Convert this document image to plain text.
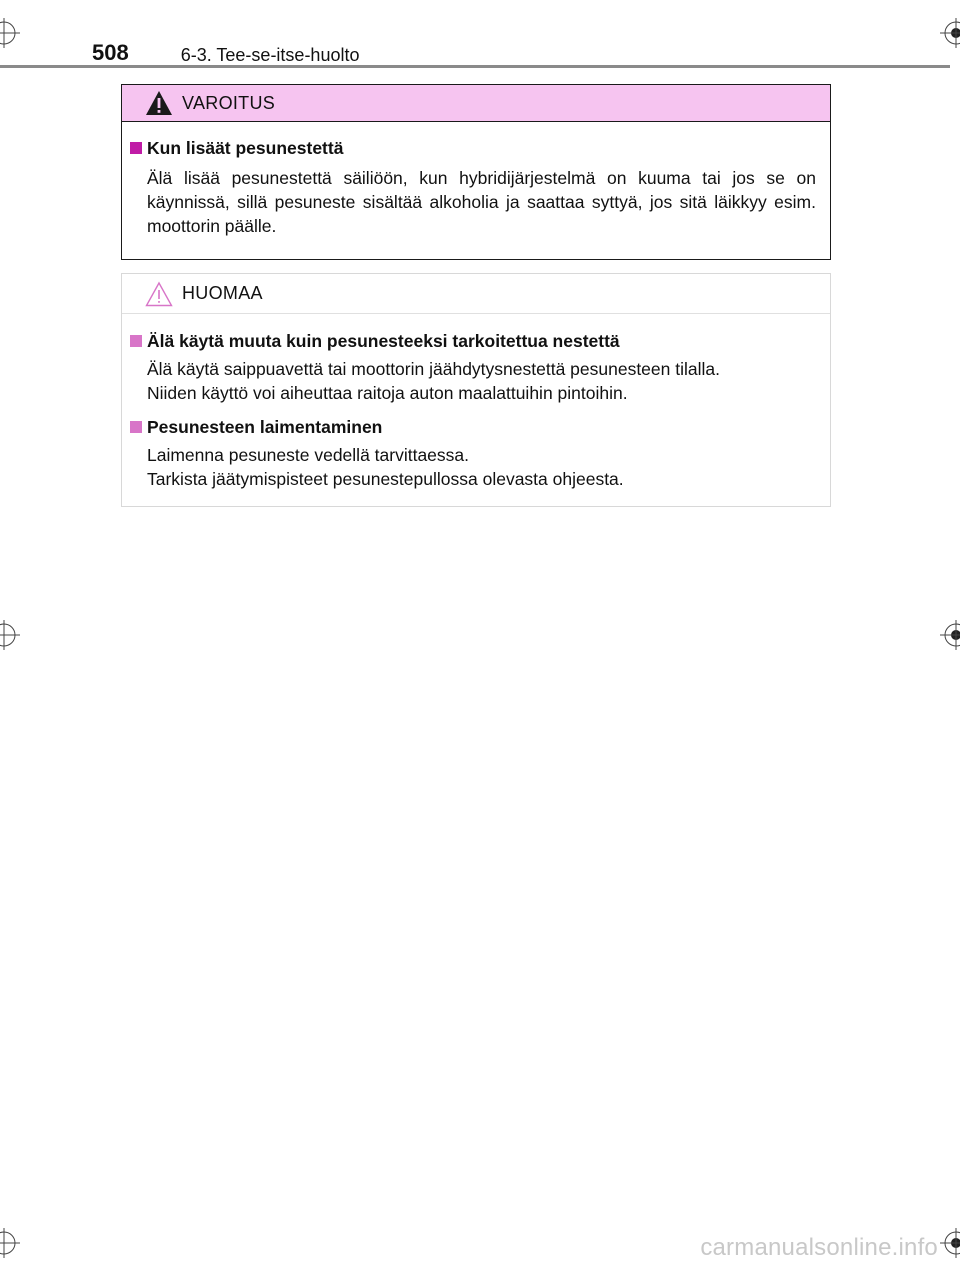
508	6-3. Tee-se-itse-huolto
VAROITUS
Kun lisäät pesunestettä
Älä lisää pesunestettä säiliöön, kun hybridijärjestelmä on kuuma tai jos se on käynnissä, sillä pesuneste sisältää alkoholia ja saattaa syttyä, jos sitä läikkyy esim. moottorin päälle.
HUOMAA
Älä käytä muuta kuin pesunesteeksi tarkoitettua nestettä
Älä käytä saippuavettä tai moottorin jäähdytysnestettä pesunesteen tilalla.
Niiden käyttö voi aiheuttaa raitoja auton maalattuihin pintoihin.
Pesunesteen laimentaminen
Laimenna pesuneste vedellä tarvittaessa.
Tarkista jäätymispisteet pesunestepullossa olevasta ohjeesta.
carmanualsonline.info
